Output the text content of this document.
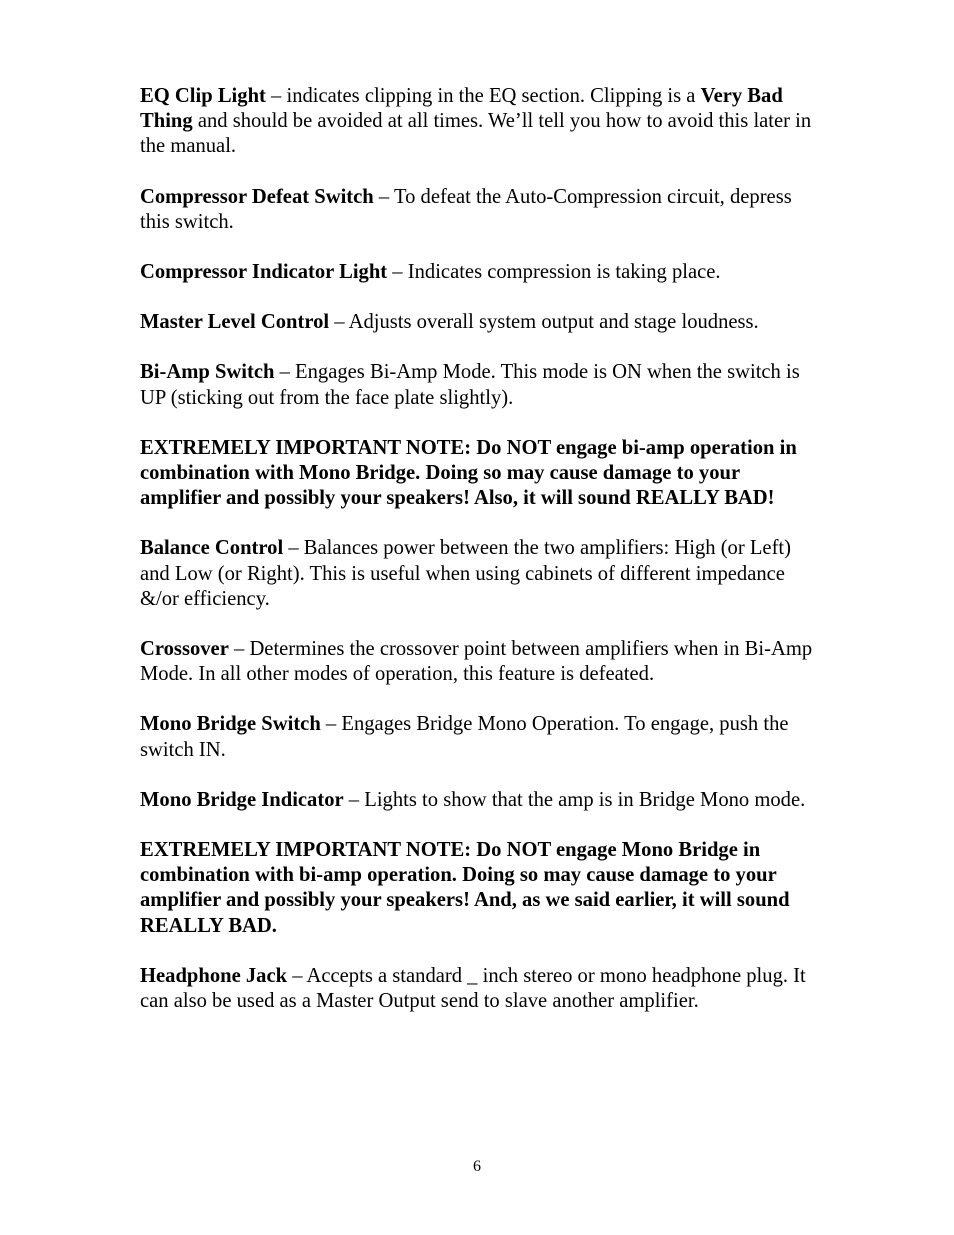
EQ Clip Light – indicates clipping in the EQ section. Clipping is a Very Bad Thing and should be avoided at all times. We’ll tell you how to avoid this later in the manual.

Compressor Defeat Switch – To defeat the Auto-Compression circuit, depress this switch.

Compressor Indicator Light – Indicates compression is taking place.

Master Level Control – Adjusts overall system output and stage loudness.

Bi-Amp Switch – Engages Bi-Amp Mode. This mode is ON when the switch is UP (sticking out from the face plate slightly).

EXTREMELY IMPORTANT NOTE: Do NOT engage bi-amp operation in combination with Mono Bridge. Doing so may cause damage to your amplifier and possibly your speakers! Also, it will sound REALLY BAD!

Balance Control – Balances power between the two amplifiers: High (or Left) and Low (or Right). This is useful when using cabinets of different impedance &/or efficiency.

Crossover – Determines the crossover point between amplifiers when in Bi-Amp Mode. In all other modes of operation, this feature is defeated.

Mono Bridge Switch – Engages Bridge Mono Operation. To engage, push the switch IN.

Mono Bridge Indicator – Lights to show that the amp is in Bridge Mono mode.

EXTREMELY IMPORTANT NOTE: Do NOT engage Mono Bridge in combination with bi-amp operation. Doing so may cause damage to your amplifier and possibly your speakers! And, as we said earlier, it will sound REALLY BAD.

Headphone Jack – Accepts a standard _ inch stereo or mono headphone plug. It can also be used as a Master Output send to slave another amplifier.

6
